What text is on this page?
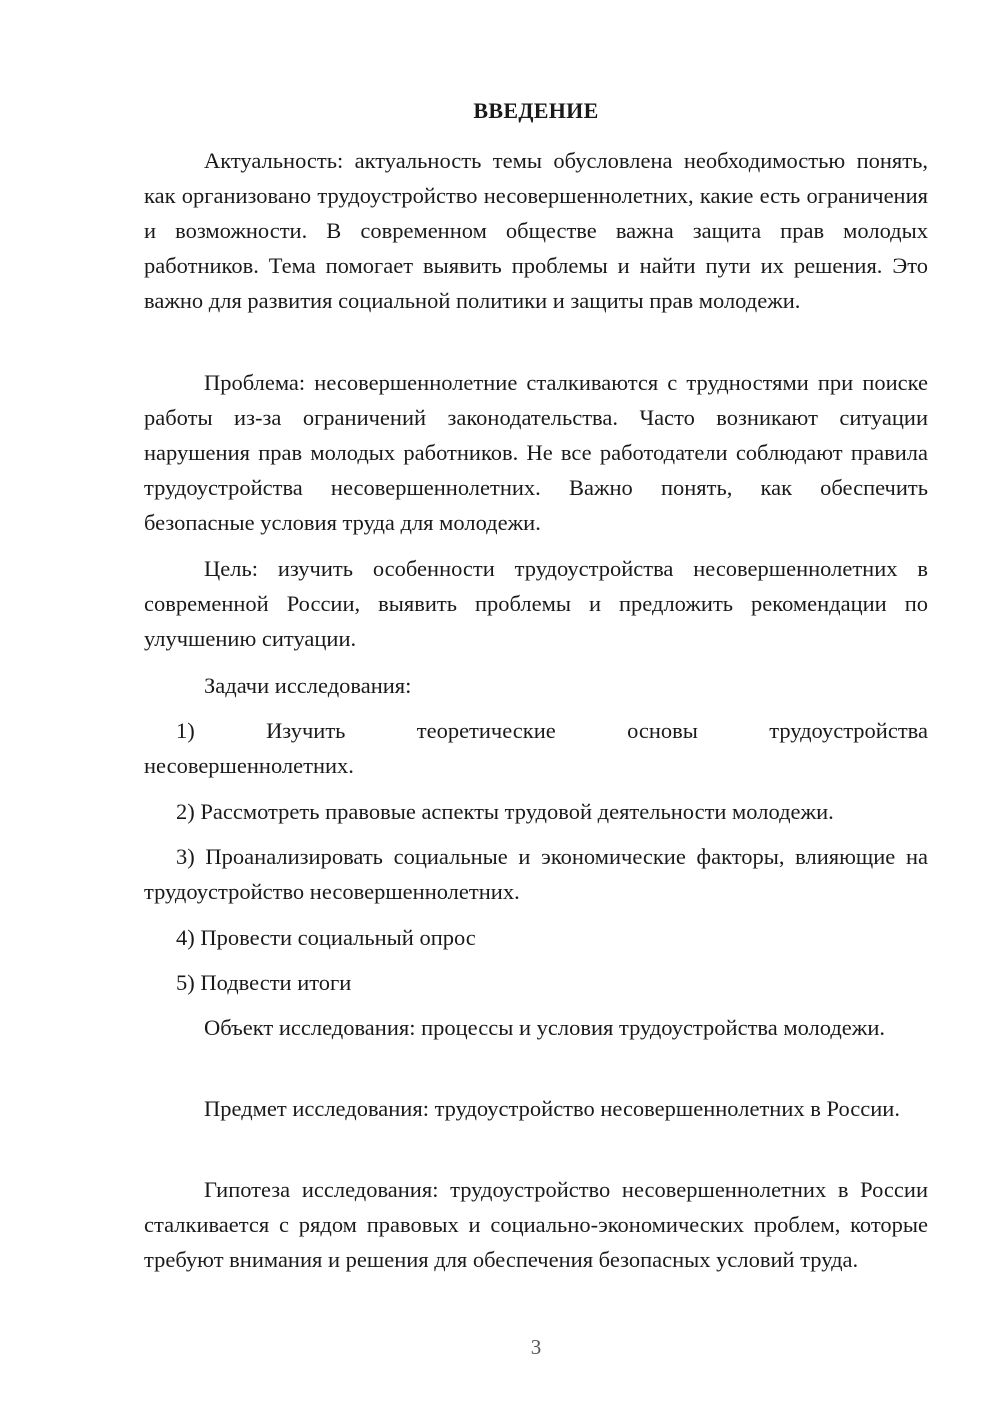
ВВЕДЕНИЕ

Актуальность: актуальность темы обусловлена необходимостью понять, как организовано трудоустройство несовершеннолетних, какие есть ограничения и возможности. В современном обществе важна защита прав молодых работников. Тема помогает выявить проблемы и найти пути их решения. Это важно для развития социальной политики и защиты прав молодежи.

Проблема: несовершеннолетние сталкиваются с трудностями при поиске работы из-за ограничений законодательства. Часто возникают ситуации нарушения прав молодых работников. Не все работодатели соблюдают правила трудоустройства несовершеннолетних. Важно понять, как обеспечить безопасные условия труда для молодежи.

Цель: изучить особенности трудоустройства несовершеннолетних в современной России, выявить проблемы и предложить рекомендации по улучшению ситуации.

Задачи исследования:

1)	Изучить	теоретические	основы	трудоустройства
несовершеннолетних.

2) Рассмотреть правовые аспекты трудовой деятельности молодежи.

3) Проанализировать социальные и экономические факторы, влияющие на трудоустройство несовершеннолетних.

4) Провести социальный опрос

5) Подвести итоги

Объект исследования: процессы и условия трудоустройства молодежи.

Предмет исследования: трудоустройство несовершеннолетних в России.

Гипотеза исследования: трудоустройство несовершеннолетних в России сталкивается с рядом правовых и социально-экономических проблем, которые требуют внимания и решения для обеспечения безопасных условий труда.

3
